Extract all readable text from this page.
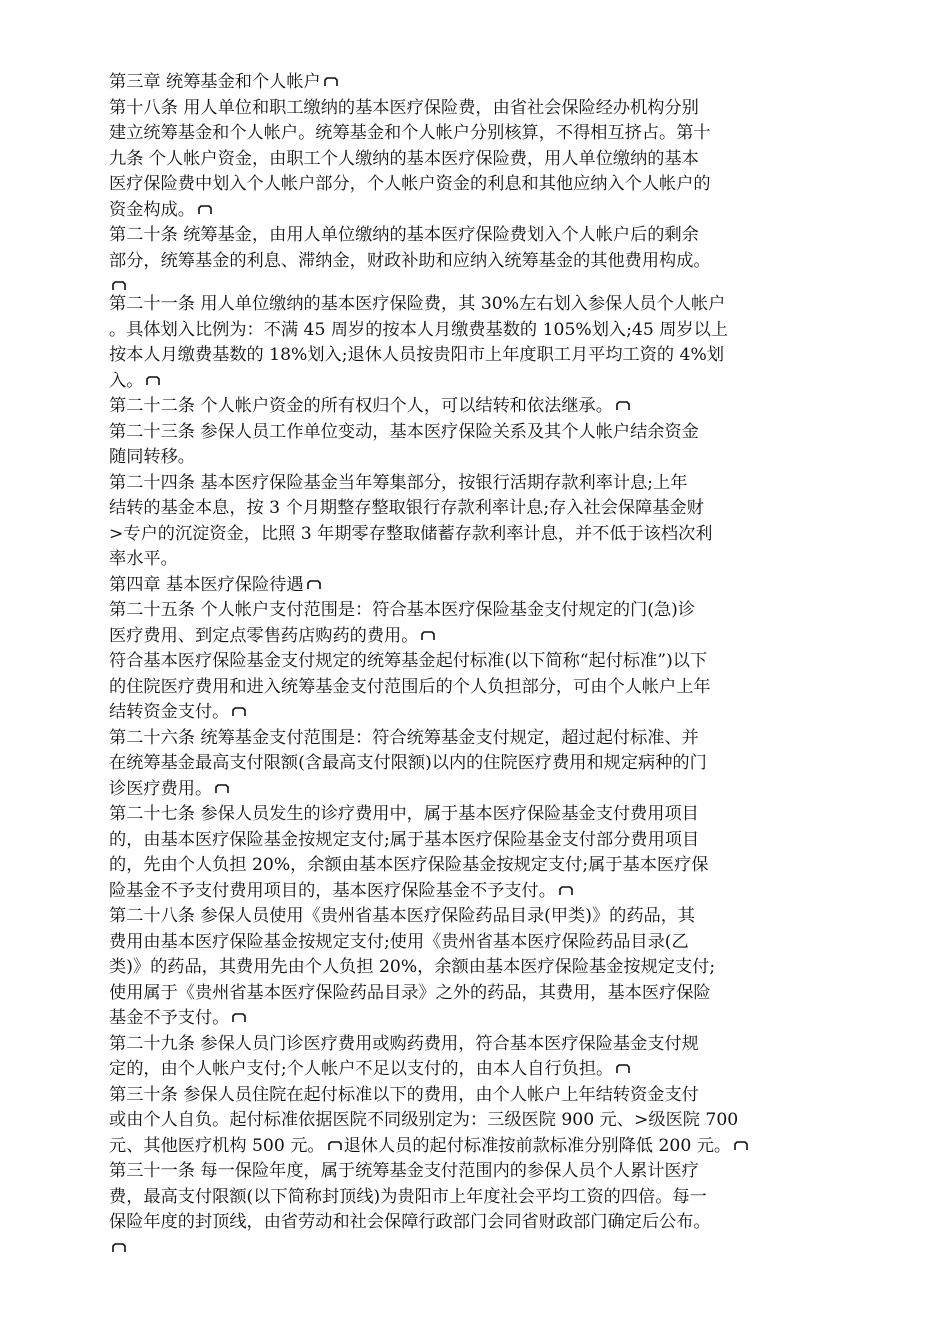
第三章 统筹基金和个人帐户
第十八条 用人单位和职工缴纳的基本医疗保险费，由省社会保险经办机构分别
建立统筹基金和个人帐户。统筹基金和个人帐户分别核算，不得相互挤占。第十
九条 个人帐户资金，由职工个人缴纳的基本医疗保险费，用人单位缴纳的基本
医疗保险费中划入个人帐户部分，个人帐户资金的利息和其他应纳入个人帐户的
资金构成。
第二十条 统筹基金，由用人单位缴纳的基本医疗保险费划入个人帐户后的剩余
部分，统筹基金的利息、滞纳金，财政补助和应纳入统筹基金的其他费用构成。
第二十一条 用人单位缴纳的基本医疗保险费，其 30%左右划入参保人员个人帐户
。具体划入比例为：不满 45 周岁的按本人月缴费基数的 105%划入;45 周岁以上
按本人月缴费基数的 18%划入;退休人员按贵阳市上年度职工月平均工资的 4%划
入。
第二十二条 个人帐户资金的所有权归个人，可以结转和依法继承。
第二十三条 参保人员工作单位变动，基本医疗保险关系及其个人帐户结余资金
随同转移。
第二十四条 基本医疗保险基金当年筹集部分，按银行活期存款利率计息;上年
结转的基金本息，按 3 个月期整存整取银行存款利率计息;存入社会保障基金财
>专户的沉淀资金，比照 3 年期零存整取储蓄存款利率计息，并不低于该档次利
率水平。
第四章 基本医疗保险待遇
第二十五条 个人帐户支付范围是：符合基本医疗保险基金支付规定的门(急)诊
医疗费用、到定点零售药店购药的费用。
符合基本医疗保险基金支付规定的统筹基金起付标准(以下简称“起付标准”)以下
的住院医疗费用和进入统筹基金支付范围后的个人负担部分，可由个人帐户上年
结转资金支付。
第二十六条 统筹基金支付范围是：符合统筹基金支付规定，超过起付标准、并
在统筹基金最高支付限额(含最高支付限额)以内的住院医疗费用和规定病种的门
诊医疗费用。
第二十七条 参保人员发生的诊疗费用中，属于基本医疗保险基金支付费用项目
的，由基本医疗保险基金按规定支付;属于基本医疗保险基金支付部分费用项目
的，先由个人负担 20%，余额由基本医疗保险基金按规定支付;属于基本医疗保
险基金不予支付费用项目的，基本医疗保险基金不予支付。
第二十八条 参保人员使用《贵州省基本医疗保险药品目录(甲类)》的药品，其
费用由基本医疗保险基金按规定支付;使用《贵州省基本医疗保险药品目录(乙
类)》的药品，其费用先由个人负担 20%，余额由基本医疗保险基金按规定支付;
使用属于《贵州省基本医疗保险药品目录》之外的药品，其费用，基本医疗保险
基金不予支付。
第二十九条 参保人员门诊医疗费用或购药费用，符合基本医疗保险基金支付规
定的，由个人帐户支付;个人帐户不足以支付的，由本人自行负担。
第三十条 参保人员住院在起付标准以下的费用，由个人帐户上年结转资金支付
或由个人自负。起付标准依据医院不同级别定为：三级医院 900 元、>级医院 700
元、其他医疗机构 500 元。 退休人员的起付标准按前款标准分别降低 200 元。
第三十一条 每一保险年度，属于统筹基金支付范围内的参保人员个人累计医疗
费，最高支付限额(以下简称封顶线)为贵阳市上年度社会平均工资的四倍。每一
保险年度的封顶线，由省劳动和社会保障行政部门会同省财政部门确定后公布。
